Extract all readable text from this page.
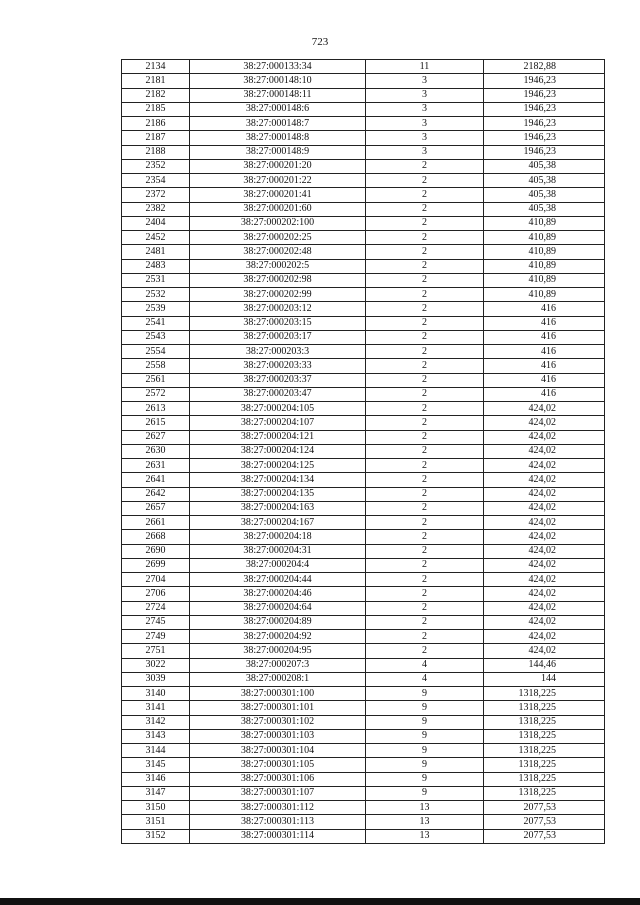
723
2134	38:27:000133:34	11	2182,88
2181	38:27:000148:10	3	1946,23
2182	38:27:000148:11	3	1946,23
2185	38:27:000148:6	3	1946,23
2186	38:27:000148:7	3	1946,23
2187	38:27:000148:8	3	1946,23
2188	38:27:000148:9	3	1946,23
2352	38:27:000201:20	2	405,38
2354	38:27:000201:22	2	405,38
2372	38:27:000201:41	2	405,38
2382	38:27:000201:60	2	405,38
2404	38:27:000202:100	2	410,89
2452	38:27:000202:25	2	410,89
2481	38:27:000202:48	2	410,89
2483	38:27:000202:5	2	410,89
2531	38:27:000202:98	2	410,89
2532	38:27:000202:99	2	410,89
2539	38:27:000203:12	2	416
2541	38:27:000203:15	2	416
2543	38:27:000203:17	2	416
2554	38:27:000203:3	2	416
2558	38:27:000203:33	2	416
2561	38:27:000203:37	2	416
2572	38:27:000203:47	2	416
2613	38:27:000204:105	2	424,02
2615	38:27:000204:107	2	424,02
2627	38:27:000204:121	2	424,02
2630	38:27:000204:124	2	424,02
2631	38:27:000204:125	2	424,02
2641	38:27:000204:134	2	424,02
2642	38:27:000204:135	2	424,02
2657	38:27:000204:163	2	424,02
2661	38:27:000204:167	2	424,02
2668	38:27:000204:18	2	424,02
2690	38:27:000204:31	2	424,02
2699	38:27:000204:4	2	424,02
2704	38:27:000204:44	2	424,02
2706	38:27:000204:46	2	424,02
2724	38:27:000204:64	2	424,02
2745	38:27:000204:89	2	424,02
2749	38:27:000204:92	2	424,02
2751	38:27:000204:95	2	424,02
3022	38:27:000207:3	4	144,46
3039	38:27:000208:1	4	144
3140	38:27:000301:100	9	1318,225
3141	38:27:000301:101	9	1318,225
3142	38:27:000301:102	9	1318,225
3143	38:27:000301:103	9	1318,225
3144	38:27:000301:104	9	1318,225
3145	38:27:000301:105	9	1318,225
3146	38:27:000301:106	9	1318,225
3147	38:27:000301:107	9	1318,225
3150	38:27:000301:112	13	2077,53
3151	38:27:000301:113	13	2077,53
3152	38:27:000301:114	13	2077,53
